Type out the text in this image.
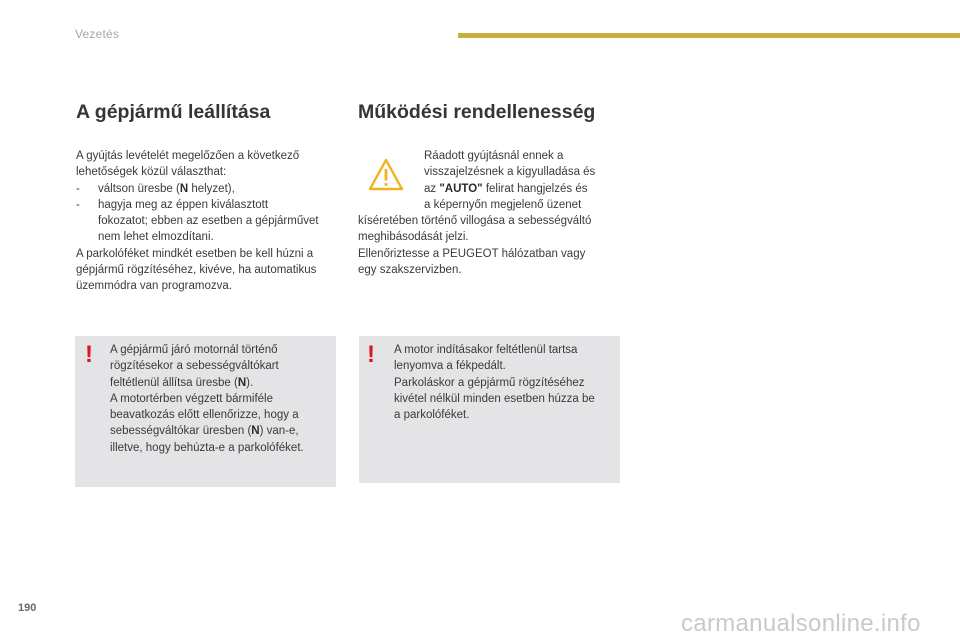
Vezetés
A gépjármű leállítása	Működési rendellenesség
A gyújtás levételét megelőzően a következő
lehetőségek közül választhat:
-	váltson üresbe (N helyzet),
-	hagyja meg az éppen kiválasztott
fokozatot; ebben az esetben a gépjárművet
nem lehet elmozdítani.
A parkolóféket mindkét esetben be kell húzni a
gépjármű rögzítéséhez, kivéve, ha automatikus
üzemmódra van programozva.
Ráadott gyújtásnál ennek a
visszajelzésnek a kigyulladása és
az "AUTO" felirat hangjelzés és
a képernyőn megjelenő üzenet
kíséretében történő villogása a sebességváltó
meghibásodását jelzi.
Ellenőriztesse a PEUGEOT hálózatban vagy
egy szakszervizben.
! A gépjármű járó motornál történő
rögzítésekor a sebességváltókart
feltétlenül állítsa üresbe (N).
A motortérben végzett bármiféle
beavatkozás előtt ellenőrizze, hogy a
sebességváltókar üresben (N) van-e,
illetve, hogy behúzta-e a parkolóféket.
! A motor indításakor feltétlenül tartsa
lenyomva a fékpedált.
Parkoláskor a gépjármű rögzítéséhez
kivétel nélkül minden esetben húzza be
a parkolóféket.
190
carmanualsonline.info
